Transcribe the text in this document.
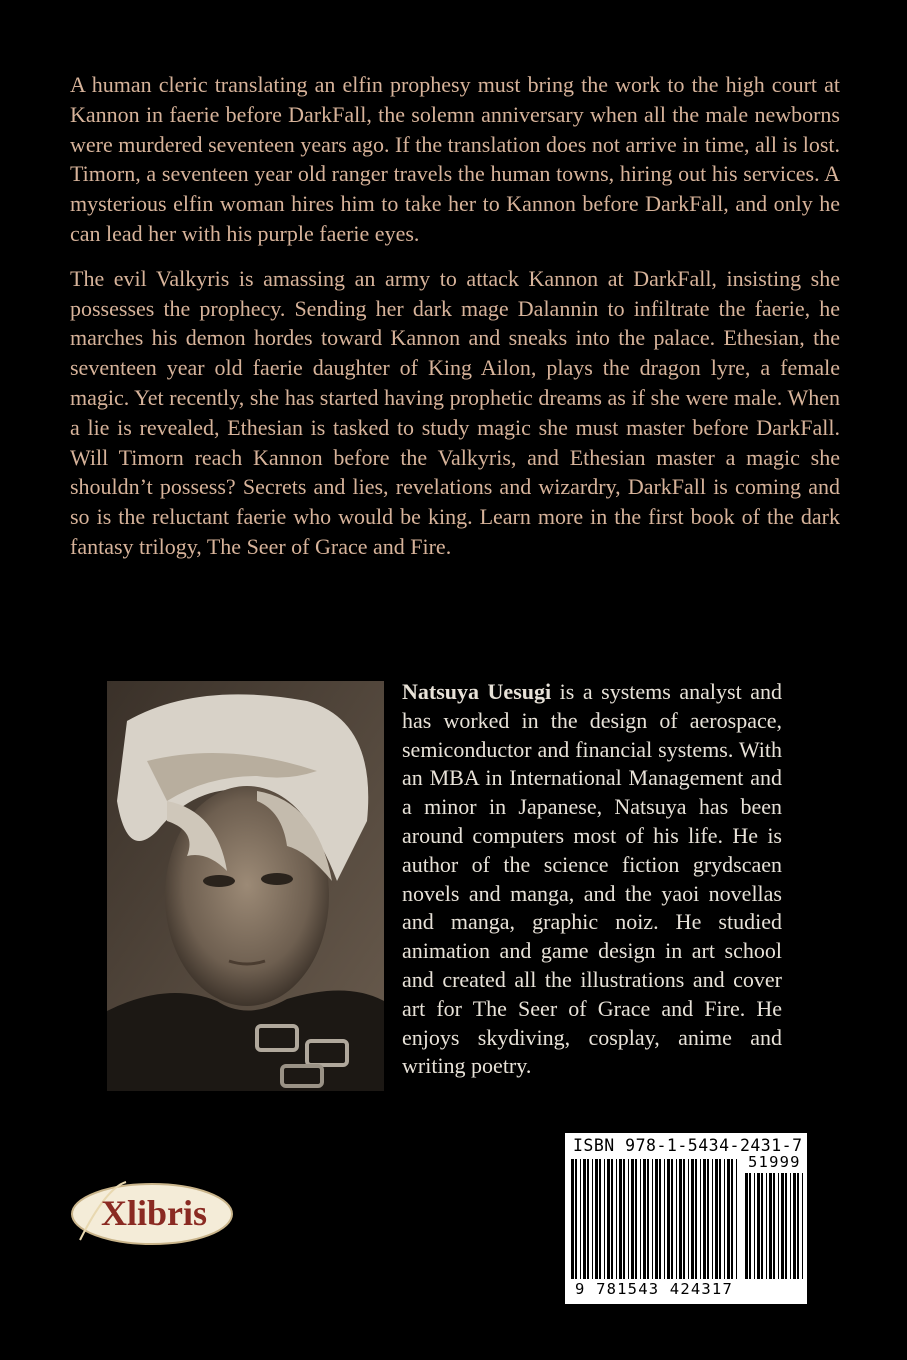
A human cleric translating an elfin prophesy must bring the work to the high court at Kannon in faerie before DarkFall, the solemn anniversary when all the male newborns were murdered seventeen years ago. If the translation does not arrive in time, all is lost. Timorn, a seventeen year old ranger travels the human towns, hiring out his services. A mysterious elfin woman hires him to take her to Kannon before DarkFall, and only he can lead her with his purple faerie eyes.

The evil Valkyris is amassing an army to attack Kannon at DarkFall, insisting she possesses the prophecy. Sending her dark mage Dalannin to infiltrate the faerie, he marches his demon hordes toward Kannon and sneaks into the palace. Ethesian, the seventeen year old faerie daughter of King Ailon, plays the dragon lyre, a female magic. Yet recently, she has started having prophetic dreams as if she were male. When a lie is revealed, Ethesian is tasked to study magic she must master before DarkFall. Will Timorn reach Kannon before the Valkyris, and Ethesian master a magic she shouldn’t possess? Secrets and lies, revelations and wizardry, DarkFall is coming and so is the reluctant faerie who would be king. Learn more in the first book of the dark fantasy trilogy, The Seer of Grace and Fire.

Natsuya Uesugi is a systems analyst and has worked in the design of aerospace, semiconductor and financial systems. With an MBA in International Management and a minor in Japanese, Natsuya has been around computers most of his life. He is author of the science fiction grydscaen novels and manga, and the yaoi novellas and manga, graphic noiz. He studied animation and game design in art school and created all the illustrations and cover art for The Seer of Grace and Fire. He enjoys skydiving, cosplay, anime and writing poetry.
Xlibris
ISBN 978-1-5434-2431-7
9 781543 424317
51999
